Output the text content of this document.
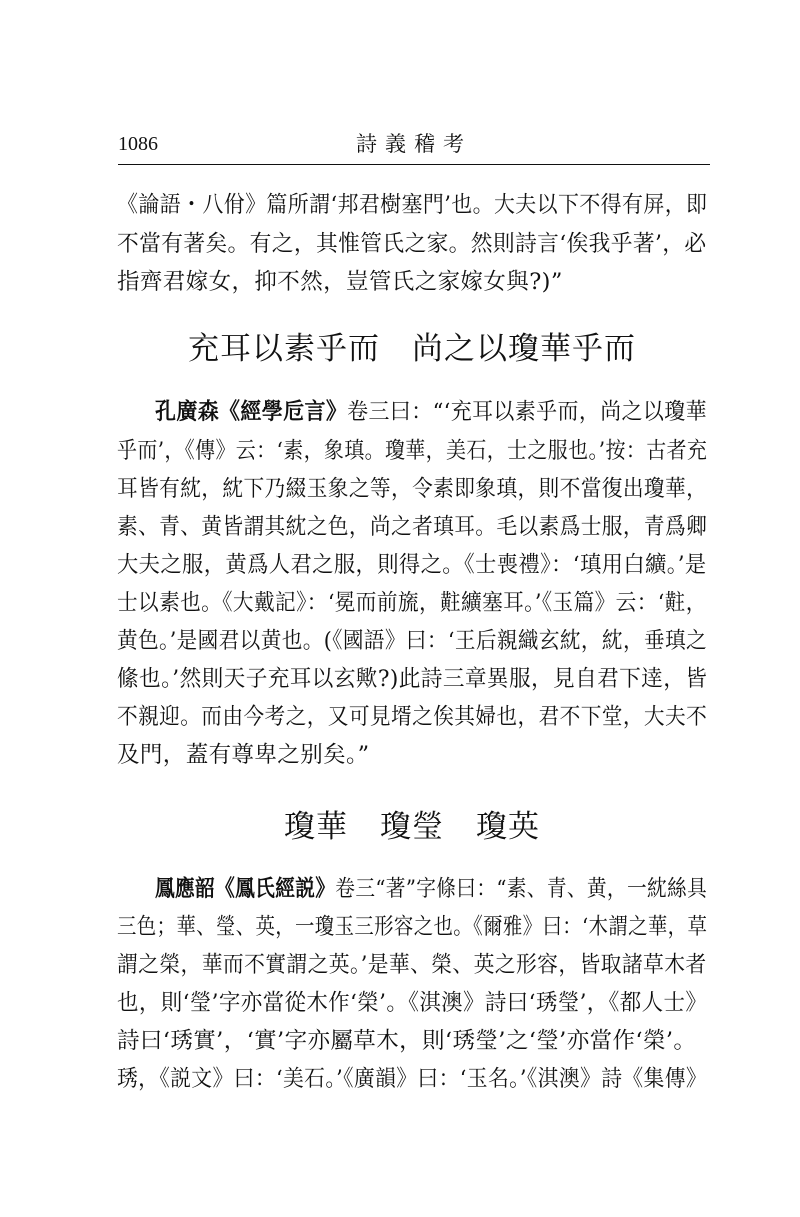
1086	詩義稽考
《論語・八佾》篇所謂‘邦君樹塞門’也。大夫以下不得有屏，即
不當有著矣。有之，其惟管氏之家。然則詩言‘俟我乎著’，必
指齊君嫁女，抑不然，豈管氏之家嫁女與?)”
充耳以素乎而　尚之以瓊華乎而
孔廣森《經學卮言》卷三曰：“‘充耳以素乎而，尚之以瓊華
乎而’，《傳》云：‘素，象瑱。瓊華，美石，士之服也。’按：古者充
耳皆有紞，紞下乃綴玉象之等，令素即象瑱，則不當復出瓊華，
素、青、黄皆謂其紞之色，尚之者瑱耳。毛以素爲士服，青爲卿
大夫之服，黄爲人君之服，則得之。《士喪禮》：‘瑱用白纊。’是
士以素也。《大戴記》：‘冕而前旒，黈纊塞耳。’《玉篇》云：‘黈，
黄色。’是國君以黄也。(《國語》曰：‘王后親織玄紞，紞，垂瑱之
絛也。’然則天子充耳以玄歟?)此詩三章異服，見自君下逹，皆
不親迎。而由今考之，又可見壻之俟其婦也，君不下堂，大夫不
及門，蓋有尊卑之别矣。”
瓊華　瓊瑩　瓊英
鳳應韶《鳳氏經説》卷三“著”字條曰：“素、青、黄，一紞絲具
三色；華、瑩、英，一瓊玉三形容之也。《爾雅》曰：‘木謂之華，草
謂之榮，華而不實謂之英。’是華、榮、英之形容，皆取諸草木者
也，則‘瑩’字亦當從木作‘榮’。《淇澳》詩曰‘琇瑩’，《都人士》
詩曰‘琇實’，‘實’字亦屬草木，則‘琇瑩’之‘瑩’亦當作‘榮’。
琇，《説文》曰：‘美石。’《廣韻》曰：‘玉名。’《淇澳》詩《集傳》
